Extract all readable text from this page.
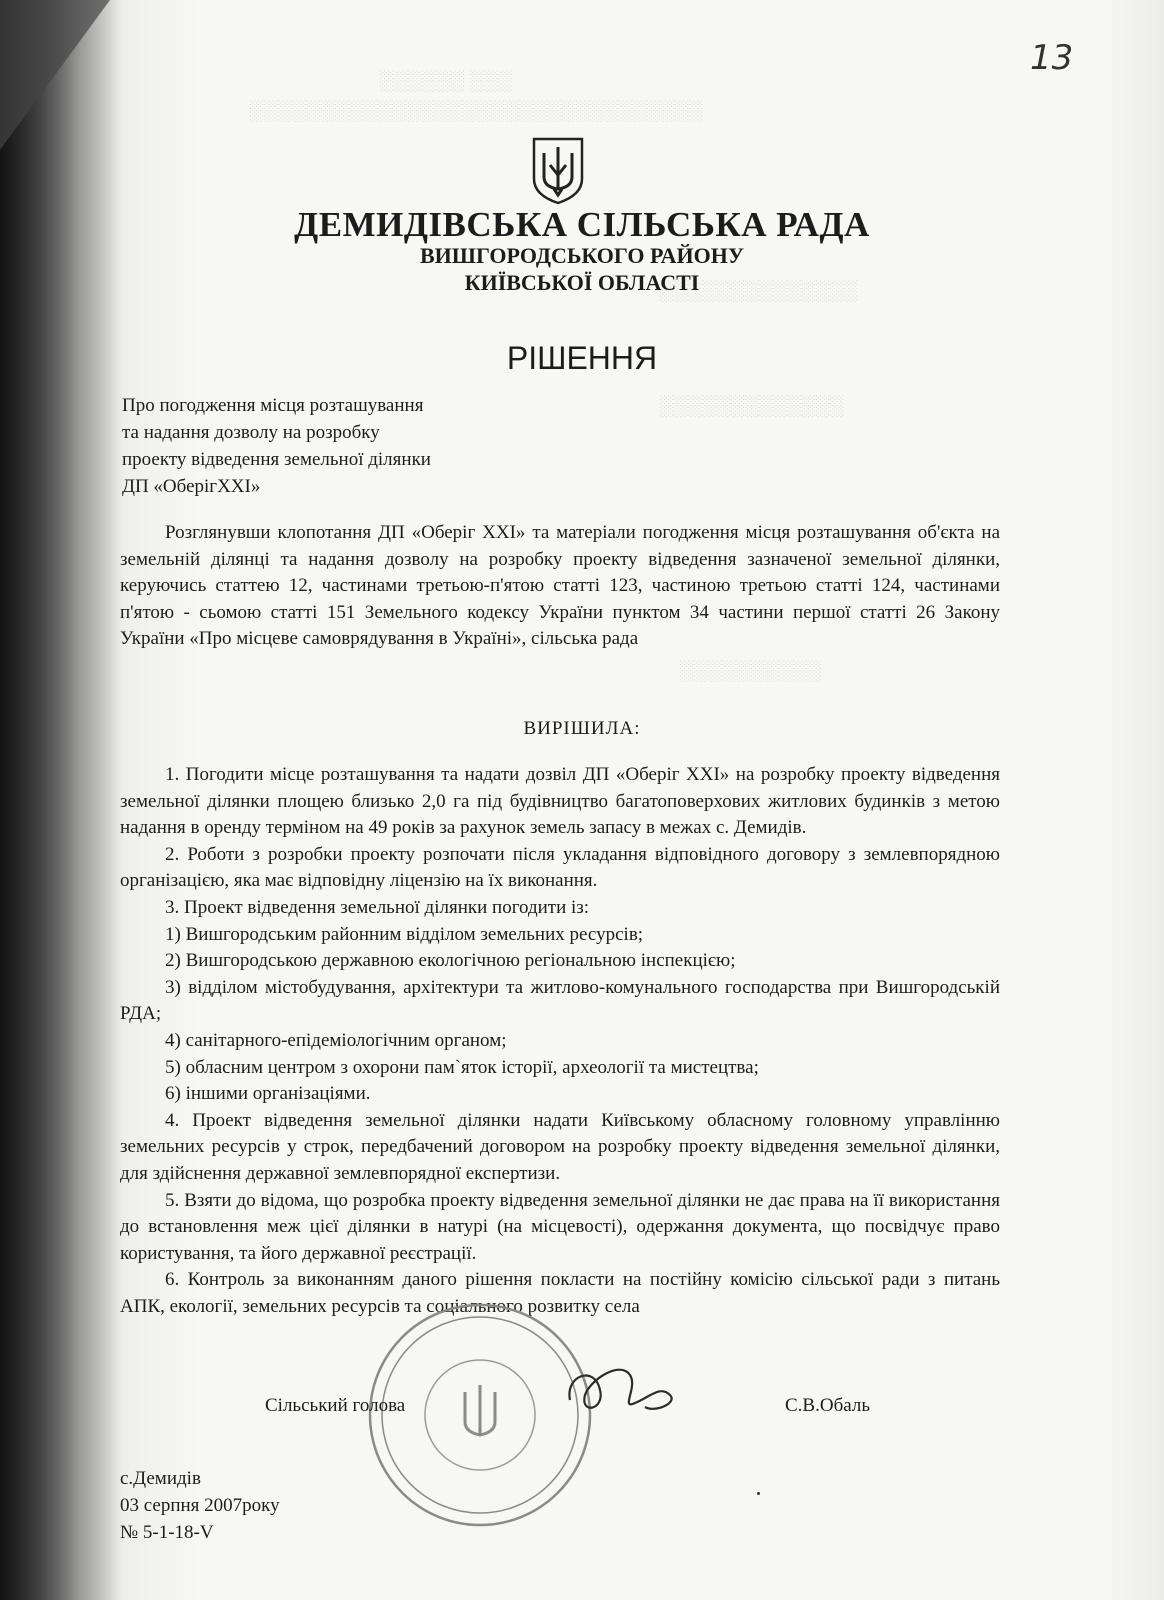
░░░ ░░░░░░
░░░░░░░░░░░░░░░░░░░░░░░░░░░░░░░░
░░░░░░░░░░░░░░
░░░░░░░░░░░░░
░░░░░░░░░░
13
ДЕМИДІВСЬКА СІЛЬСЬКА РАДА
ВИШГОРОДСЬКОГО РАЙОНУ
КИЇВСЬКОЇ ОБЛАСТІ
РІШЕННЯ
Про погодження місця розташування
та надання дозволу на розробку
проекту відведення земельної ділянки
ДП «ОберігXXI»

Розглянувши клопотання ДП «Оберіг XXI» та матеріали погодження місця розташування об'єкта на земельній ділянці та надання дозволу на розробку проекту відведення зазначеної земельної ділянки, керуючись статтею 12, частинами третьою-п'ятою статті 123, частиною третьою статті 124, частинами п'ятою - сьомою статті 151 Земельного кодексу України пунктом 34 частини першої статті 26 Закону України «Про місцеве самоврядування в Україні», сільська рада

ВИРІШИЛА:

1. Погодити місце розташування та надати дозвіл ДП «Оберіг XXI» на розробку проекту відведення земельної ділянки площею близько 2,0 га під будівництво багатоповерхових житлових будинків з метою надання в оренду терміном на 49 років за рахунок земель запасу в межах с. Демидів.

2. Роботи з розробки проекту розпочати після укладання відповідного договору з землевпорядною організацією, яка має відповідну ліцензію на їх виконання.

3. Проект відведення земельної ділянки погодити із:

1) Вишгородським районним відділом земельних ресурсів;

2) Вишгородською державною екологічною регіональною інспекцією;

3) відділом містобудування, архітектури та житлово-комунального господарства при Вишгородській РДА;

4) санітарного-епідеміологічним органом;

5) обласним центром з охорони пам`яток історії, археології та мистецтва;

6) іншими організаціями.

4. Проект відведення земельної ділянки надати Київському обласному головному управлінню земельних ресурсів у строк, передбачений договором на розробку проекту відведення земельної ділянки, для здійснення державної землевпорядної експертизи.

5. Взяти до відома, що розробка проекту відведення земельної ділянки не дає права на її використання до встановлення меж цієї ділянки в натурі (на місцевості), одержання документа, що посвідчує право користування, та його державної реєстрації.

6. Контроль за виконанням даного рішення покласти на постійну комісію сільської ради з питань АПК, екології, земельних ресурсів та соціального розвитку села

Сільський голова	С.В.Обаль
с.Демидів
03 серпня 2007року
№ 5-1-18-V
